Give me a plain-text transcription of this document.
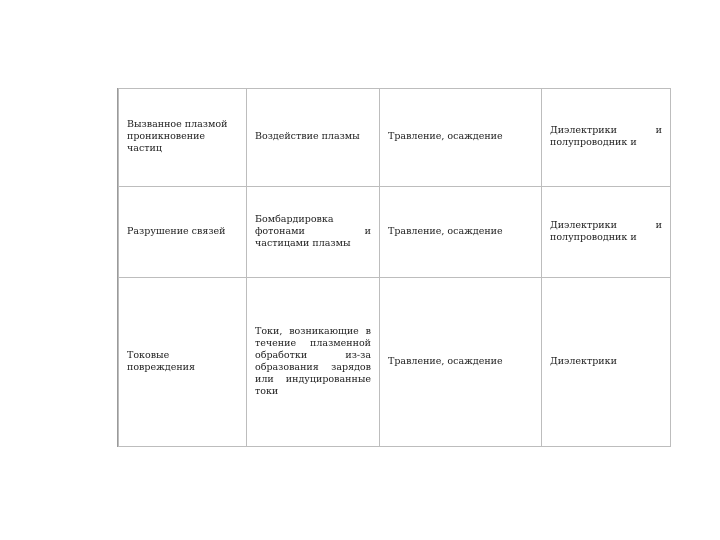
Вызванное плазмой проникновение частиц	Воздействие плазмы	Травление, осаждение	Диэлектрики и полупроводник и
Разрушение связей	Бомбардировка фотонами и частицами плазмы	Травление, осаждение	Диэлектрики и полупроводник и
Токовые повреждения	Токи, возникающие в течение плазменной обработки из-за образования зарядов или индуцированные токи	Травление, осаждение	Диэлектрики
